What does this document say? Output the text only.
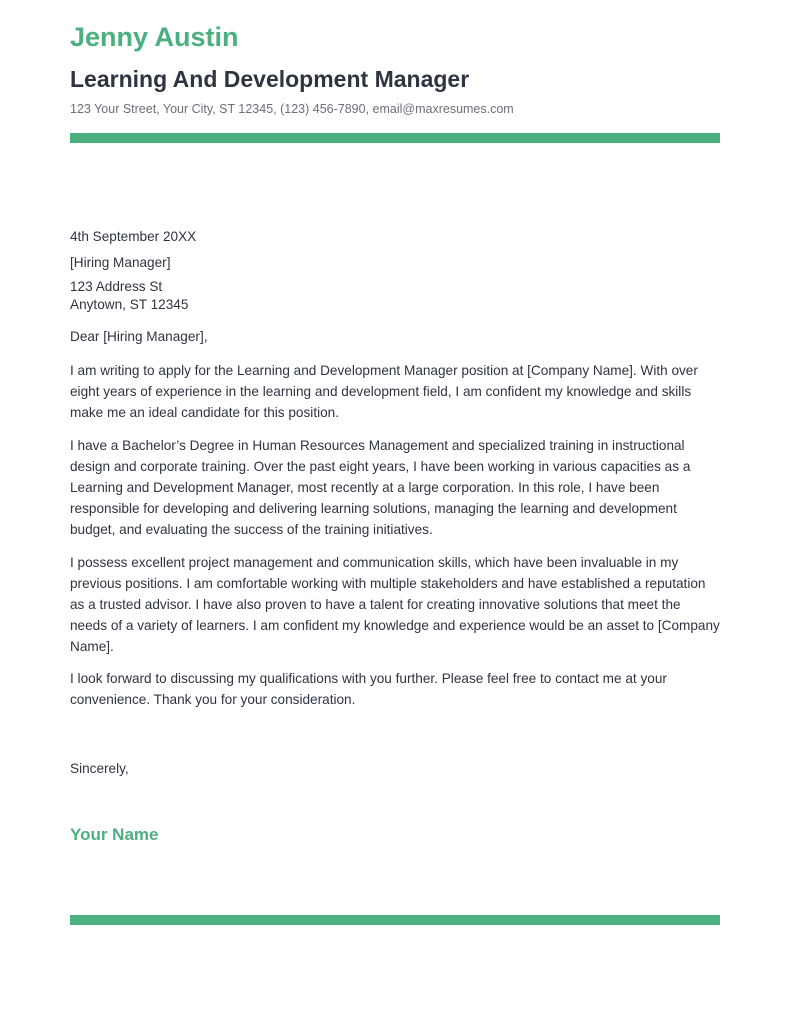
Jenny Austin
Learning And Development Manager
123 Your Street, Your City, ST 12345, (123) 456-7890, email@maxresumes.com
4th September 20XX
[Hiring Manager]
123 Address St
Anytown, ST 12345
Dear [Hiring Manager],

I am writing to apply for the Learning and Development Manager position at [Company Name]. With over eight years of experience in the learning and development field, I am confident my knowledge and skills make me an ideal candidate for this position.

I have a Bachelor’s Degree in Human Resources Management and specialized training in instructional design and corporate training. Over the past eight years, I have been working in various capacities as a Learning and Development Manager, most recently at a large corporation. In this role, I have been responsible for developing and delivering learning solutions, managing the learning and development budget, and evaluating the success of the training initiatives.

I possess excellent project management and communication skills, which have been invaluable in my previous positions. I am comfortable working with multiple stakeholders and have established a reputation as a trusted advisor. I have also proven to have a talent for creating innovative solutions that meet the needs of a variety of learners. I am confident my knowledge and experience would be an asset to [Company Name].

I look forward to discussing my qualifications with you further. Please feel free to contact me at your convenience. Thank you for your consideration.

Sincerely,
Your Name
